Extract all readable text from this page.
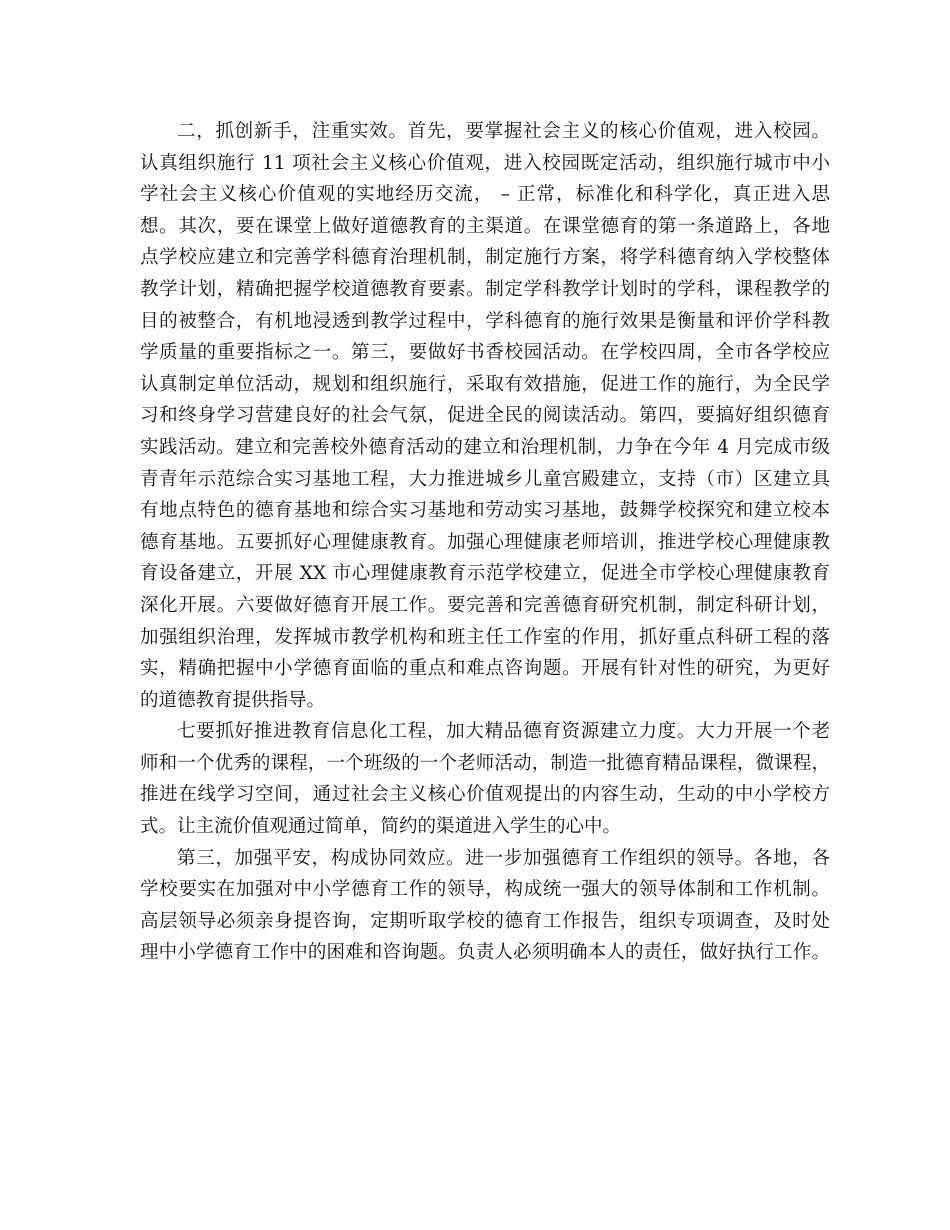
二，抓创新手，注重实效。首先，要掌握社会主义的核心价值观，进入校园。
认真组织施行 11 项社会主义核心价值观，进入校园既定活动，组织施行城市中小
学社会主义核心价值观的实地经历交流， – 正常，标准化和科学化，真正进入思
想。其次，要在课堂上做好道德教育的主渠道。在课堂德育的第一条道路上，各地
点学校应建立和完善学科德育治理机制，制定施行方案，将学科德育纳入学校整体
教学计划，精确把握学校道德教育要素。制定学科教学计划时的学科，课程教学的
目的被整合，有机地浸透到教学过程中，学科德育的施行效果是衡量和评价学科教
学质量的重要指标之一。第三，要做好书香校园活动。在学校四周，全市各学校应
认真制定单位活动，规划和组织施行，采取有效措施，促进工作的施行，为全民学
习和终身学习营建良好的社会气氛，促进全民的阅读活动。第四，要搞好组织德育
实践活动。建立和完善校外德育活动的建立和治理机制，力争在今年 4 月完成市级
青青年示范综合实习基地工程，大力推进城乡儿童宫殿建立，支持（市）区建立具
有地点特色的德育基地和综合实习基地和劳动实习基地，鼓舞学校探究和建立校本
德育基地。五要抓好心理健康教育。加强心理健康老师培训，推进学校心理健康教
育设备建立，开展 XX 市心理健康教育示范学校建立，促进全市学校心理健康教育
深化开展。六要做好德育开展工作。要完善和完善德育研究机制，制定科研计划，
加强组织治理，发挥城市教学机构和班主任工作室的作用，抓好重点科研工程的落
实，精确把握中小学德育面临的重点和难点咨询题。开展有针对性的研究，为更好
的道德教育提供指导。
七要抓好推进教育信息化工程，加大精品德育资源建立力度。大力开展一个老
师和一个优秀的课程，一个班级的一个老师活动，制造一批德育精品课程，微课程，
推进在线学习空间，通过社会主义核心价值观提出的内容生动，生动的中小学校方
式。让主流价值观通过简单，简约的渠道进入学生的心中。
第三，加强平安，构成协同效应。进一步加强德育工作组织的领导。各地，各
学校要实在加强对中小学德育工作的领导，构成统一强大的领导体制和工作机制。
高层领导必须亲身提咨询，定期听取学校的德育工作报告，组织专项调查，及时处
理中小学德育工作中的困难和咨询题。负责人必须明确本人的责任，做好执行工作。
